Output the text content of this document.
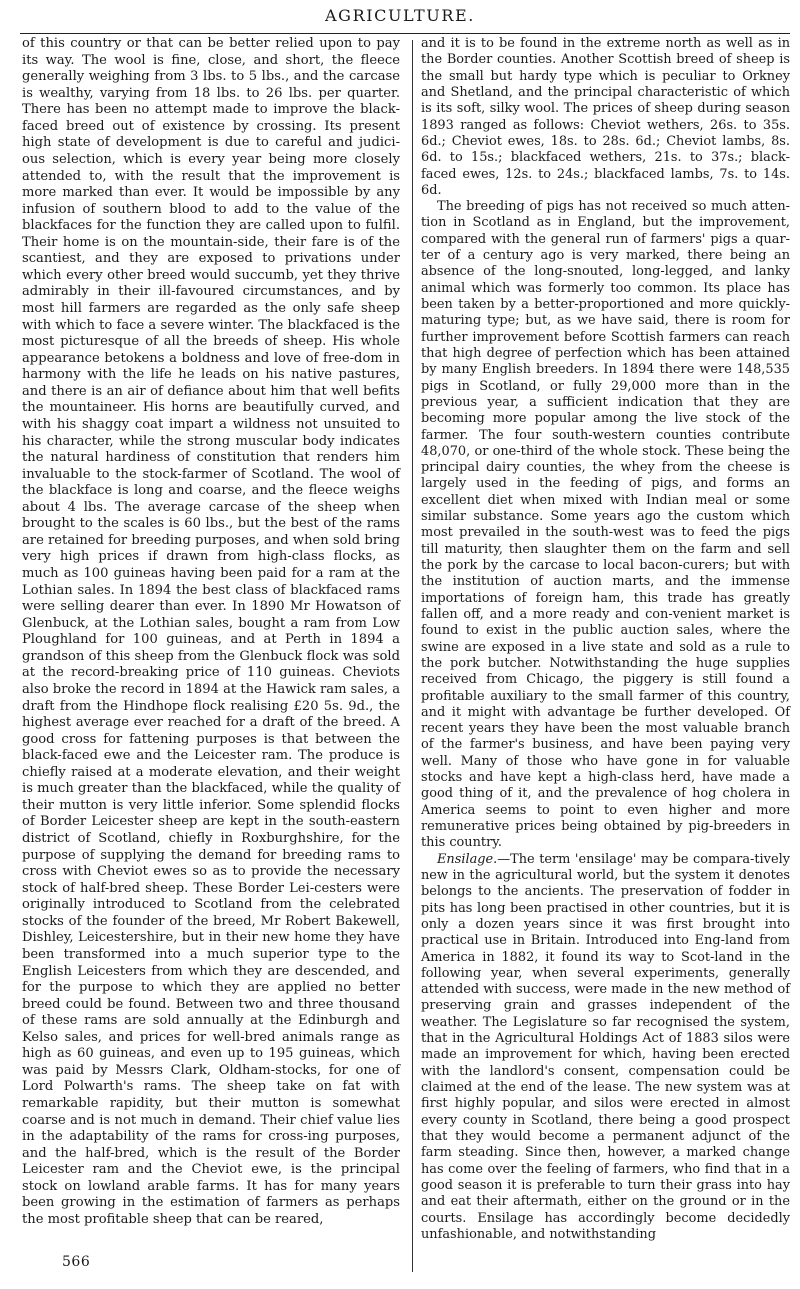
AGRICULTURE.

of this country or that can be better relied upon to pay its way. The wool is fine, close, and short, the fleece generally weighing from 3 lbs. to 5 lbs., and the carcase is wealthy, varying from 18 lbs. to 26 lbs. per quarter. There has been no attempt made to improve the black-faced breed out of existence by crossing. Its present high state of development is due to careful and judici-ous selection, which is every year being more closely attended to, with the result that the improvement is more marked than ever. It would be impossible by any infusion of southern blood to add to the value of the blackfaces for the function they are called upon to fulfil. Their home is on the mountain-side, their fare is of the scantiest, and they are exposed to privations under which every other breed would succumb, yet they thrive admirably in their ill-favoured circumstances, and by most hill farmers are regarded as the only safe sheep with which to face a severe winter. The blackfaced is the most picturesque of all the breeds of sheep. His whole appearance betokens a boldness and love of free-dom in harmony with the life he leads on his native pastures, and there is an air of defiance about him that well befits the mountaineer. His horns are beautifully curved, and with his shaggy coat impart a wildness not unsuited to his character, while the strong muscular body indicates the natural hardiness of constitution that renders him invaluable to the stock-farmer of Scotland. The wool of the blackface is long and coarse, and the fleece weighs about 4 lbs. The average carcase of the sheep when brought to the scales is 60 lbs., but the best of the rams are retained for breeding purposes, and when sold bring very high prices if drawn from high-class flocks, as much as 100 guineas having been paid for a ram at the Lothian sales. In 1894 the best class of blackfaced rams were selling dearer than ever. In 1890 Mr Howatson of Glenbuck, at the Lothian sales, bought a ram from Low Ploughland for 100 guineas, and at Perth in 1894 a grandson of this sheep from the Glenbuck flock was sold at the record-breaking price of 110 guineas. Cheviots also broke the record in 1894 at the Hawick ram sales, a draft from the Hindhope flock realising £20 5s. 9d., the highest average ever reached for a draft of the breed. A good cross for fattening purposes is that between the black-faced ewe and the Leicester ram. The produce is chiefly raised at a moderate elevation, and their weight is much greater than the blackfaced, while the quality of their mutton is very little inferior. Some splendid flocks of Border Leicester sheep are kept in the south-eastern district of Scotland, chiefly in Roxburghshire, for the purpose of supplying the demand for breeding rams to cross with Cheviot ewes so as to provide the necessary stock of half-bred sheep. These Border Lei-cesters were originally introduced to Scotland from the celebrated stocks of the founder of the breed, Mr Robert Bakewell, Dishley, Leicestershire, but in their new home they have been transformed into a much superior type to the English Leicesters from which they are descended, and for the purpose to which they are applied no better breed could be found. Between two and three thousand of these rams are sold annually at the Edinburgh and Kelso sales, and prices for well-bred animals range as high as 60 guineas, and even up to 195 guineas, which was paid by Messrs Clark, Oldham-stocks, for one of Lord Polwarth's rams. The sheep take on fat with remarkable rapidity, but their mutton is somewhat coarse and is not much in demand. Their chief value lies in the adaptability of the rams for cross-ing purposes, and the half-bred, which is the result of the Border Leicester ram and the Cheviot ewe, is the principal stock on lowland arable farms. It has for many years been growing in the estimation of farmers as perhaps the most profitable sheep that can be reared,

and it is to be found in the extreme north as well as in the Border counties. Another Scottish breed of sheep is the small but hardy type which is peculiar to Orkney and Shetland, and the principal characteristic of which is its soft, silky wool. The prices of sheep during season 1893 ranged as follows: Cheviot wethers, 26s. to 35s. 6d.; Cheviot ewes, 18s. to 28s. 6d.; Cheviot lambs, 8s. 6d. to 15s.; blackfaced wethers, 21s. to 37s.; black-faced ewes, 12s. to 24s.; blackfaced lambs, 7s. to 14s. 6d.

The breeding of pigs has not received so much atten-tion in Scotland as in England, but the improvement, compared with the general run of farmers' pigs a quar-ter of a century ago is very marked, there being an absence of the long-snouted, long-legged, and lanky animal which was formerly too common. Its place has been taken by a better-proportioned and more quickly-maturing type; but, as we have said, there is room for further improvement before Scottish farmers can reach that high degree of perfection which has been attained by many English breeders. In 1894 there were 148,535 pigs in Scotland, or fully 29,000 more than in the previous year, a sufficient indication that they are becoming more popular among the live stock of the farmer. The four south-western counties contribute 48,070, or one-third of the whole stock. These being the principal dairy counties, the whey from the cheese is largely used in the feeding of pigs, and forms an excellent diet when mixed with Indian meal or some similar substance. Some years ago the custom which most prevailed in the south-west was to feed the pigs till maturity, then slaughter them on the farm and sell the pork by the carcase to local bacon-curers; but with the institution of auction marts, and the immense importations of foreign ham, this trade has greatly fallen off, and a more ready and con-venient market is found to exist in the public auction sales, where the swine are exposed in a live state and sold as a rule to the pork butcher. Notwithstanding the huge supplies received from Chicago, the piggery is still found a profitable auxiliary to the small farmer of this country, and it might with advantage be further developed. Of recent years they have been the most valuable branch of the farmer's business, and have been paying very well. Many of those who have gone in for valuable stocks and have kept a high-class herd, have made a good thing of it, and the prevalence of hog cholera in America seems to point to even higher and more remunerative prices being obtained by pig-breeders in this country.

Ensilage.—The term 'ensilage' may be compara-tively new in the agricultural world, but the system it denotes belongs to the ancients. The preservation of fodder in pits has long been practised in other countries, but it is only a dozen years since it was first brought into practical use in Britain. Introduced into Eng-land from America in 1882, it found its way to Scot-land in the following year, when several experiments, generally attended with success, were made in the new method of preserving grain and grasses independent of the weather. The Legislature so far recognised the system, that in the Agricultural Holdings Act of 1883 silos were made an improvement for which, having been erected with the landlord's consent, compensation could be claimed at the end of the lease. The new system was at first highly popular, and silos were erected in almost every county in Scotland, there being a good prospect that they would become a permanent adjunct of the farm steading. Since then, however, a marked change has come over the feeling of farmers, who find that in a good season it is preferable to turn their grass into hay and eat their aftermath, either on the ground or in the courts. Ensilage has accordingly become decidedly unfashionable, and notwithstanding

566
